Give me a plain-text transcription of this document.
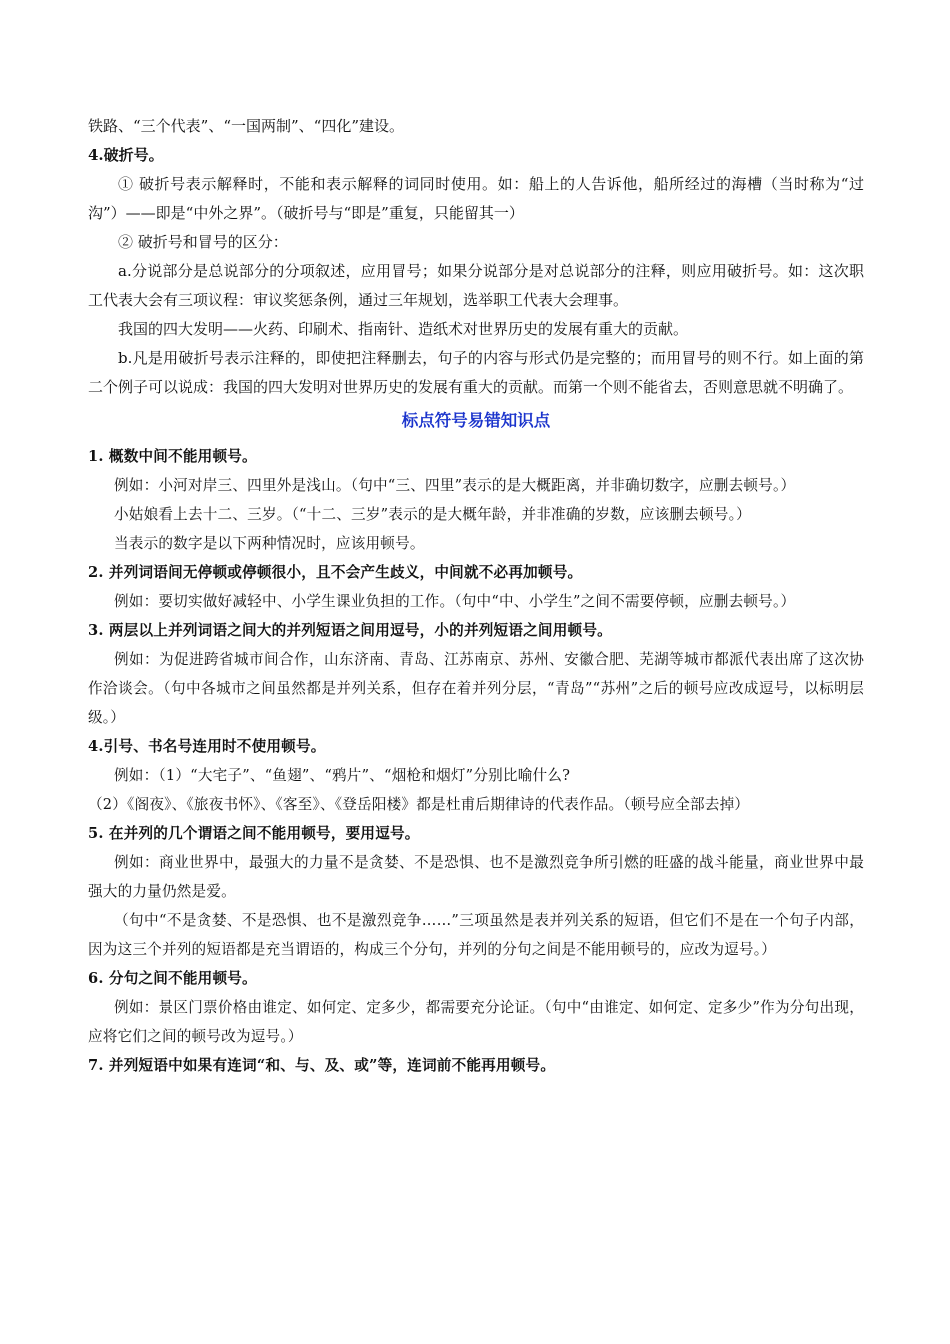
铁路、“三个代表”、“一国两制”、“四化”建设。

4.破折号。

① 破折号表示解释时，不能和表示解释的词同时使用。如：船上的人告诉他，船所经过的海槽（当时称为“过沟”）——即是“中外之界”。（破折号与“即是”重复，只能留其一）

② 破折号和冒号的区分：

a.分说部分是总说部分的分项叙述，应用冒号；如果分说部分是对总说部分的注释，则应用破折号。如：这次职工代表大会有三项议程：审议奖惩条例，通过三年规划，选举职工代表大会理事。

我国的四大发明——火药、印刷术、指南针、造纸术对世界历史的发展有重大的贡献。

b.凡是用破折号表示注释的，即使把注释删去，句子的内容与形式仍是完整的；而用冒号的则不行。如上面的第二个例子可以说成：我国的四大发明对世界历史的发展有重大的贡献。而第一个则不能省去，否则意思就不明确了。

标点符号易错知识点

1. 概数中间不能用顿号。

例如：小河对岸三、四里外是浅山。（句中“三、四里”表示的是大概距离，并非确切数字，应删去顿号。）

小姑娘看上去十二、三岁。（“十二、三岁”表示的是大概年龄，并非准确的岁数，应该删去顿号。）

当表示的数字是以下两种情况时，应该用顿号。

2. 并列词语间无停顿或停顿很小，且不会产生歧义，中间就不必再加顿号。

例如：要切实做好减轻中、小学生课业负担的工作。（句中“中、小学生”之间不需要停顿，应删去顿号。）

3. 两层以上并列词语之间大的并列短语之间用逗号，小的并列短语之间用顿号。

例如：为促进跨省城市间合作，山东济南、青岛、江苏南京、苏州、安徽合肥、芜湖等城市都派代表出席了这次协作洽谈会。（句中各城市之间虽然都是并列关系，但存在着并列分层，“青岛”“苏州”之后的顿号应改成逗号，以标明层级。）

4.引号、书名号连用时不使用顿号。

例如：（1）“大宅子”、“鱼翅”、“鸦片”、“烟枪和烟灯”分别比喻什么?

（2）《阁夜》、《旅夜书怀》、《客至》、《登岳阳楼》都是杜甫后期律诗的代表作品。（顿号应全部去掉）

5. 在并列的几个谓语之间不能用顿号，要用逗号。

例如：商业世界中，最强大的力量不是贪婪、不是恐惧、也不是激烈竞争所引燃的旺盛的战斗能量，商业世界中最强大的力量仍然是爱。

（句中“不是贪婪、不是恐惧、也不是激烈竞争……”三项虽然是表并列关系的短语，但它们不是在一个句子内部，因为这三个并列的短语都是充当谓语的，构成三个分句，并列的分句之间是不能用顿号的，应改为逗号。）

6. 分句之间不能用顿号。

例如：景区门票价格由谁定、如何定、定多少，都需要充分论证。（句中“由谁定、如何定、定多少”作为分句出现，应将它们之间的顿号改为逗号。）

7. 并列短语中如果有连词“和、与、及、或”等，连词前不能再用顿号。
